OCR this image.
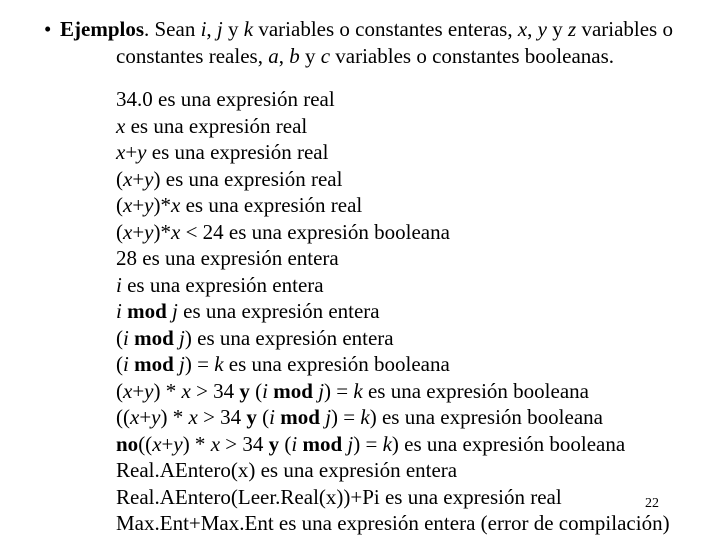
• Ejemplos. Sean i, j y k variables o constantes enteras, x, y y z variables o
constantes reales, a, b y c variables o constantes booleanas.
34.0 es una expresión real
x es una expresión real
x+y es una expresión real
(x+y) es una expresión real
(x+y)*x es una expresión real
(x+y)*x < 24 es una expresión booleana
28 es una expresión entera
i es una expresión entera
i mod j es una expresión entera
(i mod j) es una expresión entera
(i mod j) = k es una expresión booleana
(x+y) * x > 34 y (i mod j) = k es una expresión booleana
((x+y) * x > 34 y (i mod j) = k) es una expresión booleana
no((x+y) * x > 34 y (i mod j) = k) es una expresión booleana
Real.AEntero(x) es una expresión entera
Real.AEntero(Leer.Real(x))+Pi es una expresión real
Max.Ent+Max.Ent es una expresión entera (error de compilación)
22
